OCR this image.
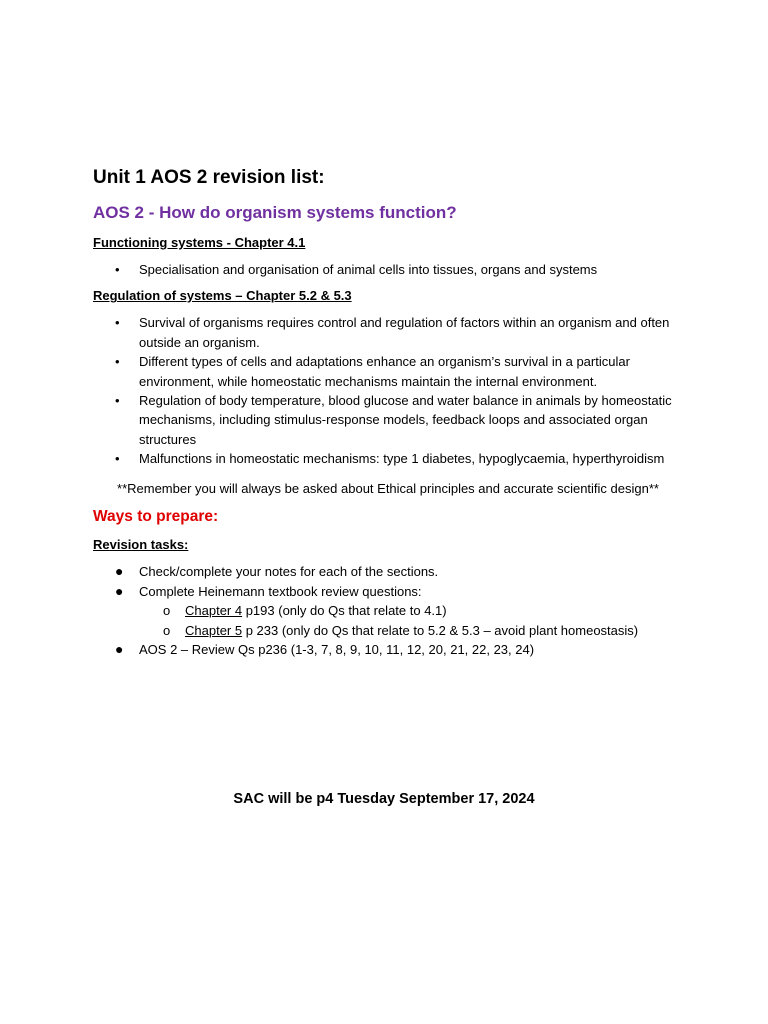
Unit 1 AOS 2 revision list:
AOS 2 - How do organism systems function?
Functioning systems - Chapter 4.1
• Specialisation and organisation of animal cells into tissues, organs and systems
Regulation of systems – Chapter 5.2 & 5.3
• Survival of organisms requires control and regulation of factors within an organism and often outside an organism.
• Different types of cells and adaptations enhance an organism’s survival in a particular environment, while homeostatic mechanisms maintain the internal environment.
• Regulation of body temperature, blood glucose and water balance in animals by homeostatic mechanisms, including stimulus-response models, feedback loops and associated organ structures
• Malfunctions in homeostatic mechanisms: type 1 diabetes, hypoglycaemia, hyperthyroidism
**Remember you will always be asked about Ethical principles and accurate scientific design**
Ways to prepare:
Revision tasks:
● Check/complete your notes for each of the sections.
● Complete Heinemann textbook review questions:
o Chapter 4 p193 (only do Qs that relate to 4.1)
o Chapter 5 p 233 (only do Qs that relate to 5.2 & 5.3 – avoid plant homeostasis)
● AOS 2 – Review Qs p236 (1-3, 7, 8, 9, 10, 11, 12, 20, 21, 22, 23, 24)
SAC will be p4 Tuesday September 17, 2024
